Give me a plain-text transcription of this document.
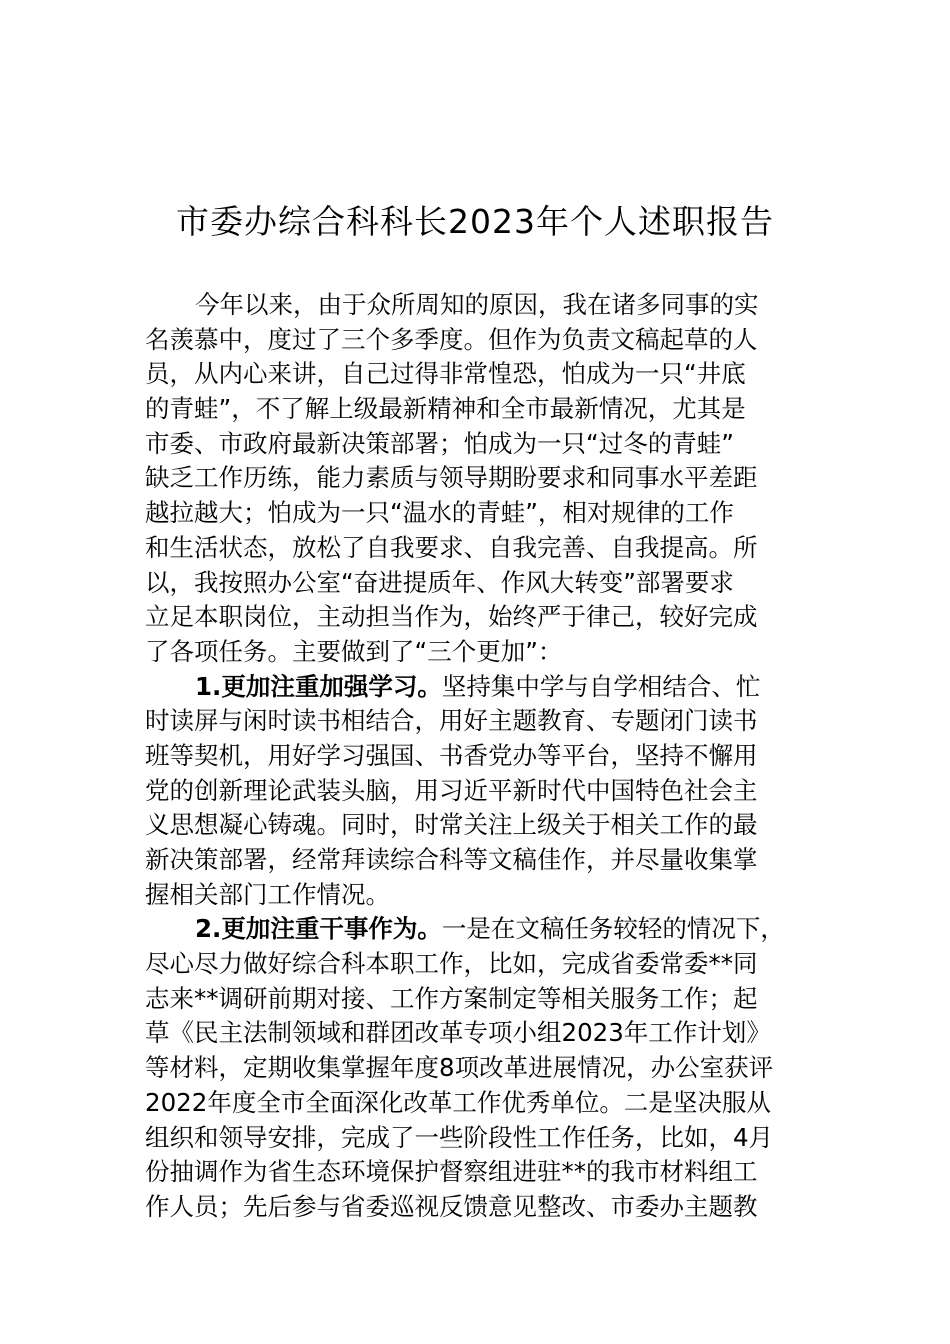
市委办综合科科长2023年个人述职报告
今年以来，由于众所周知的原因，我在诸多同事的实
名羡慕中，度过了三个多季度。但作为负责文稿起草的人
员，从内心来讲，自己过得非常惶恐，怕成为一只“井底
的青蛙”，不了解上级最新精神和全市最新情况，尤其是
市委、市政府最新决策部署；怕成为一只“过冬的青蛙”
缺乏工作历练，能力素质与领导期盼要求和同事水平差距
越拉越大；怕成为一只“温水的青蛙”，相对规律的工作
和生活状态，放松了自我要求、自我完善、自我提高。所
以，我按照办公室“奋进提质年、作风大转变”部署要求
立足本职岗位，主动担当作为，始终严于律己，较好完成
了各项任务。主要做到了“三个更加”：
1.更加注重加强学习。坚持集中学与自学相结合、忙
时读屏与闲时读书相结合，用好主题教育、专题闭门读书
班等契机，用好学习强国、书香党办等平台，坚持不懈用
党的创新理论武装头脑，用习近平新时代中国特色社会主
义思想凝心铸魂。同时，时常关注上级关于相关工作的最
新决策部署，经常拜读综合科等文稿佳作，并尽量收集掌
握相关部门工作情况。
2.更加注重干事作为。一是在文稿任务较轻的情况下，
尽心尽力做好综合科本职工作，比如，完成省委常委**同
志来**调研前期对接、工作方案制定等相关服务工作；起
草《民主法制领域和群团改革专项小组2023年工作计划》
等材料，定期收集掌握年度8项改革进展情况，办公室获评
2022年度全市全面深化改革工作优秀单位。二是坚决服从
组织和领导安排，完成了一些阶段性工作任务，比如，4月
份抽调作为省生态环境保护督察组进驻**的我市材料组工
作人员；先后参与省委巡视反馈意见整改、市委办主题教
